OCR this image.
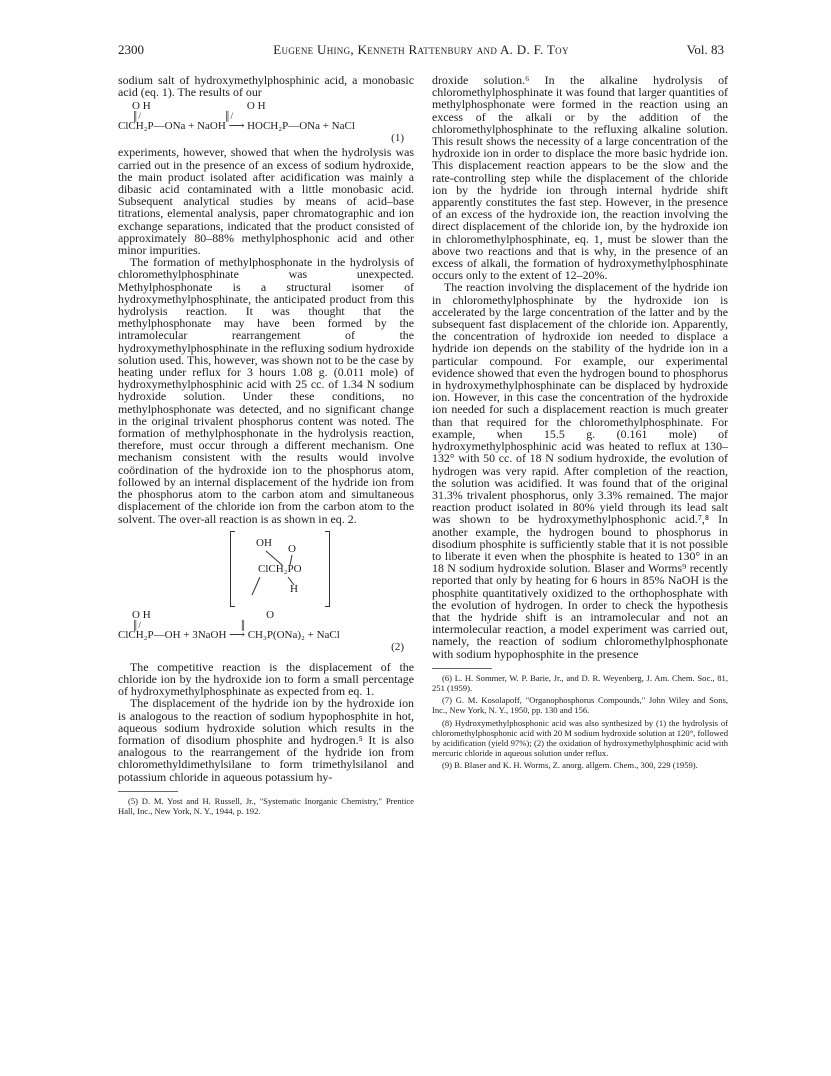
2300	Eugene Uhing, Kenneth Rattenbury and A. D. F. Toy	Vol. 83

sodium salt of hydroxymethylphosphinic acid, a monobasic acid (eq. 1). The results of our

O H                                   O H
║/                                     ║/
ClCH₂P—ONa + NaOH ⟶ HOCH₂P—ONa + NaCl
(1)

experiments, however, showed that when the hydrolysis was carried out in the presence of an excess of sodium hydroxide, the main product isolated after acidification was mainly a dibasic acid contaminated with a little monobasic acid. Subsequent analytical studies by means of acid–base titrations, elemental analysis, paper chromatographic and ion exchange separations, indicated that the product consisted of approximately 80–88% methylphosphonic acid and other minor impurities.

The formation of methylphosphonate in the hydrolysis of chloromethylphosphinate was unexpected. Methylphosphonate is a structural isomer of hydroxymethylphosphinate, the anticipated product from this hydrolysis reaction. It was thought that the methylphosphonate may have been formed by the intramolecular rearrangement of the hydroxymethylphosphinate in the refluxing sodium hydroxide solution used. This, however, was shown not to be the case by heating under reflux for 3 hours 1.08 g. (0.011 mole) of hydroxymethylphosphinic acid with 25 cc. of 1.34 N sodium hydroxide solution. Under these conditions, no methylphosphonate was detected, and no significant change in the original trivalent phosphorus content was noted. The formation of methylphosphonate in the hydrolysis reaction, therefore, must occur through a different mechanism. One mechanism consistent with the results would involve coördination of the hydroxide ion to the phosphorus atom, followed by an internal displacement of the hydride ion from the phosphorus atom to the carbon atom and simultaneous displacement of the chloride ion from the carbon atom to the solvent. The over-all reaction is as shown in eq. 2.

OH O
ClCH₂PO
H
O H                                          O
║/                                            ║
ClCH₂P—OH + 3NaOH ⟶ CH₃P(ONa)₂ + NaCl
(2)

The competitive reaction is the displacement of the chloride ion by the hydroxide ion to form a small percentage of hydroxymethylphosphinate as expected from eq. 1.

The displacement of the hydride ion by the hydroxide ion is analogous to the reaction of sodium hypophosphite in hot, aqueous sodium hydroxide solution which results in the formation of disodium phosphite and hydrogen.⁵ It is also analogous to the rearrangement of the hydride ion from chloromethyldimethylsilane to form trimethylsilanol and potassium chloride in aqueous potassium hy-

(5) D. M. Yost and H. Russell, Jr., "Systematic Inorganic Chemistry," Prentice Hall, Inc., New York, N. Y., 1944, p. 192.

droxide solution.⁶ In the alkaline hydrolysis of chloromethylphosphinate it was found that larger quantities of methylphosphonate were formed in the reaction using an excess of the alkali or by the addition of the chloromethylphosphinate to the refluxing alkaline solution. This result shows the necessity of a large concentration of the hydroxide ion in order to displace the more basic hydride ion. This displacement reaction appears to be the slow and the rate-controlling step while the displacement of the chloride ion by the hydride ion through internal hydride shift apparently constitutes the fast step. However, in the presence of an excess of the hydroxide ion, the reaction involving the direct displacement of the chloride ion, by the hydroxide ion in chloromethylphosphinate, eq. 1, must be slower than the above two reactions and that is why, in the presence of an excess of alkali, the formation of hydroxymethylphosphinate occurs only to the extent of 12–20%.

The reaction involving the displacement of the hydride ion in chloromethylphosphinate by the hydroxide ion is accelerated by the large concentration of the latter and by the subsequent fast displacement of the chloride ion. Apparently, the concentration of hydroxide ion needed to displace a hydride ion depends on the stability of the hydride ion in a particular compound. For example, our experimental evidence showed that even the hydrogen bound to phosphorus in hydroxymethylphosphinate can be displaced by hydroxide ion. However, in this case the concentration of the hydroxide ion needed for such a displacement reaction is much greater than that required for the chloromethylphosphinate. For example, when 15.5 g. (0.161 mole) of hydroxymethylphosphinic acid was heated to reflux at 130–132° with 50 cc. of 18 N sodium hydroxide, the evolution of hydrogen was very rapid. After completion of the reaction, the solution was acidified. It was found that of the original 31.3% trivalent phosphorus, only 3.3% remained. The major reaction product isolated in 80% yield through its lead salt was shown to be hydroxymethylphosphonic acid.⁷,⁸ In another example, the hydrogen bound to phosphorus in disodium phosphite is sufficiently stable that it is not possible to liberate it even when the phosphite is heated to 130° in an 18 N sodium hydroxide solution. Blaser and Worms⁹ recently reported that only by heating for 6 hours in 85% NaOH is the phosphite quantitatively oxidized to the orthophosphate with the evolution of hydrogen. In order to check the hypothesis that the hydride shift is an intramolecular and not an intermolecular reaction, a model experiment was carried out, namely, the reaction of sodium chloromethylphosphonate with sodium hypophosphite in the presence

(6) L. H. Sommer, W. P. Barie, Jr., and D. R. Weyenberg, J. Am. Chem. Soc., 81, 251 (1959).

(7) G. M. Kosolapoff, "Organophosphorus Compounds," John Wiley and Sons, Inc., New York, N. Y., 1950, pp. 130 and 156.

(8) Hydroxymethylphosphonic acid was also synthesized by (1) the hydrolysis of chloromethylphosphonic acid with 20 M sodium hydroxide solution at 120°, followed by acidification (yield 97%); (2) the oxidation of hydroxymethylphosphinic acid with mercuric chloride in aqueous solution under reflux.

(9) B. Blaser and K. H. Worms, Z. anorg. allgem. Chem., 300, 229 (1959).
